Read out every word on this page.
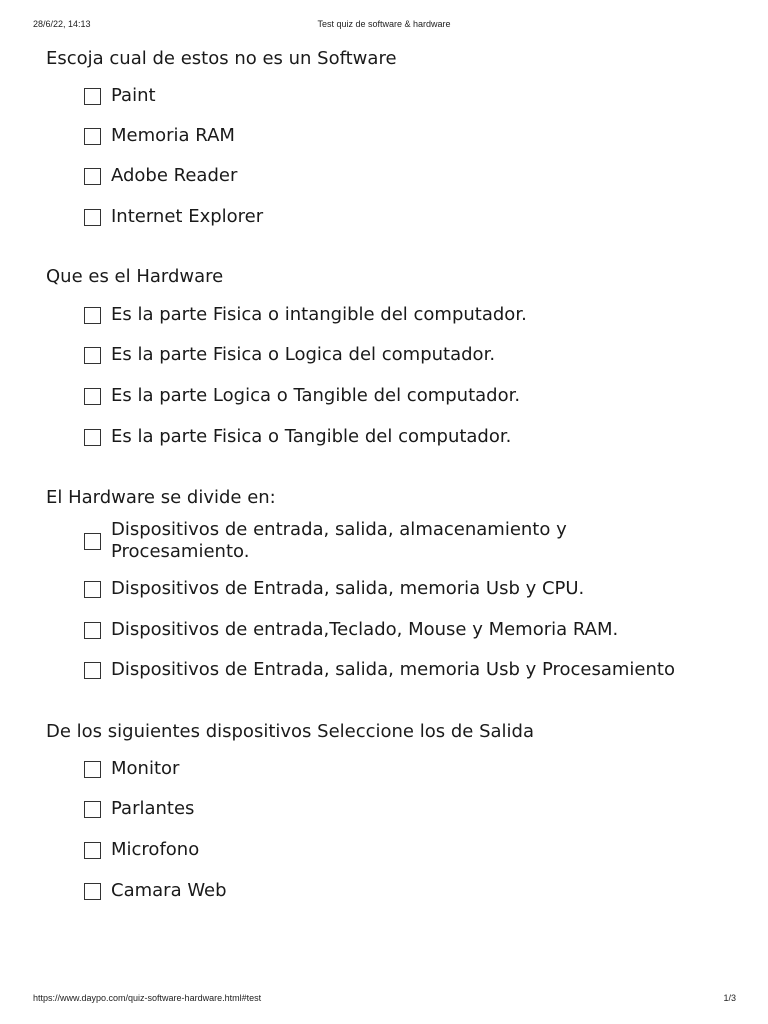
28/6/22, 14:13	Test quiz de software & hardware
Escoja cual de estos no es un Software
Paint
Memoria RAM
Adobe Reader
Internet Explorer
Que es el Hardware
Es la parte Fisica o intangible del computador.
Es la parte Fisica o Logica del computador.
Es la parte Logica o Tangible del computador.
Es la parte Fisica o Tangible del computador.
El Hardware se divide en:
Dispositivos de entrada, salida, almacenamiento y
Procesamiento.
Dispositivos de Entrada, salida, memoria Usb y CPU.
Dispositivos de entrada,Teclado, Mouse y Memoria RAM.
Dispositivos de Entrada, salida, memoria Usb y Procesamiento
De los siguientes dispositivos Seleccione los de Salida
Monitor
Parlantes
Microfono
Camara Web
https://www.daypo.com/quiz-software-hardware.html#test	1/3
